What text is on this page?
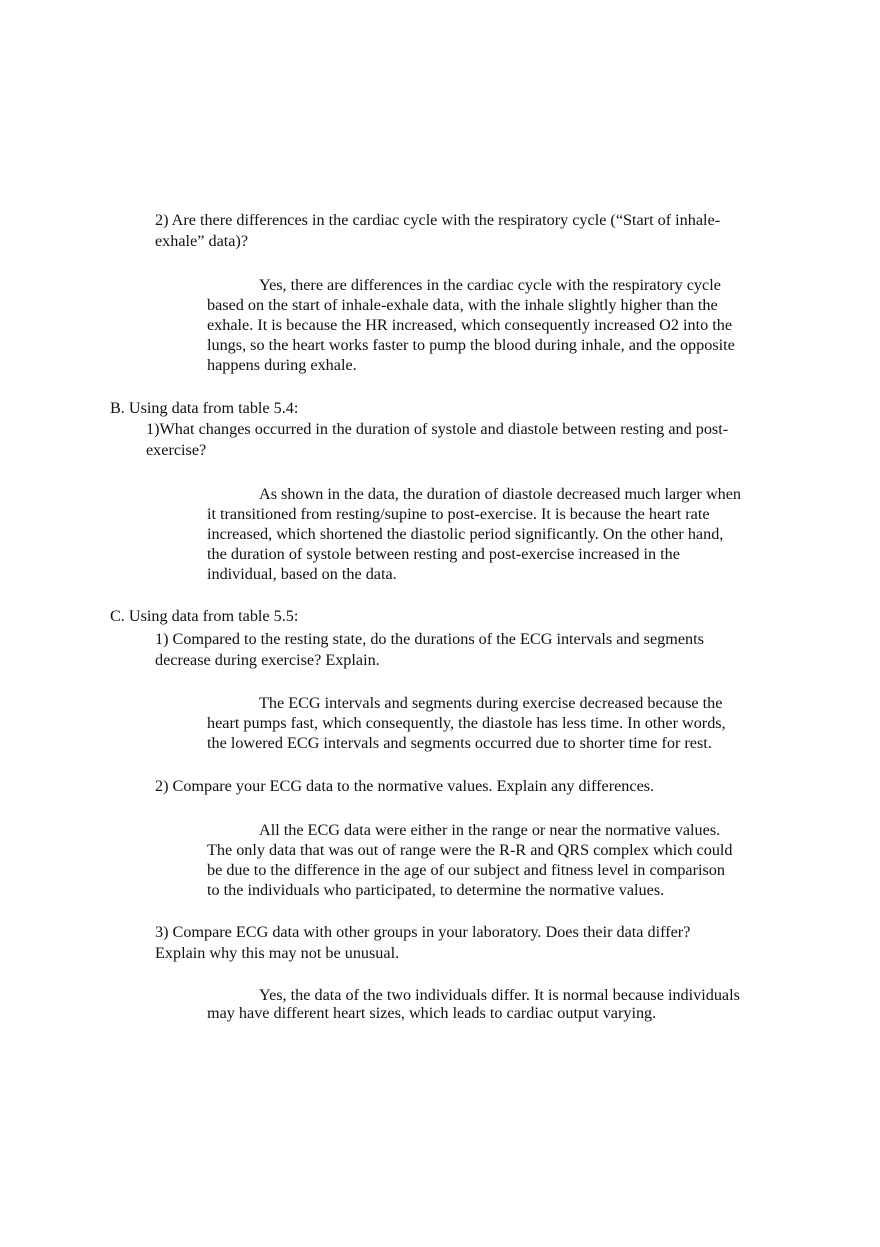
2) Are there differences in the cardiac cycle with the respiratory cycle (“Start of inhale-
exhale” data)?
Yes, there are differences in the cardiac cycle with the respiratory cycle
based on the start of inhale-exhale data, with the inhale slightly higher than the
exhale. It is because the HR increased, which consequently increased O2 into the
lungs, so the heart works faster to pump the blood during inhale, and the opposite
happens during exhale.
B. Using data from table 5.4:
1)What changes occurred in the duration of systole and diastole between resting and post-
exercise?
As shown in the data, the duration of diastole decreased much larger when
it transitioned from resting/supine to post-exercise. It is because the heart rate
increased, which shortened the diastolic period significantly. On the other hand,
the duration of systole between resting and post-exercise increased in the
individual, based on the data.
C. Using data from table 5.5:
1) Compared to the resting state, do the durations of the ECG intervals and segments
decrease during exercise? Explain.
The ECG intervals and segments during exercise decreased because the
heart pumps fast, which consequently, the diastole has less time. In other words,
the lowered ECG intervals and segments occurred due to shorter time for rest.
2) Compare your ECG data to the normative values. Explain any differences.
All the ECG data were either in the range or near the normative values.
The only data that was out of range were the R-R and QRS complex which could
be due to the difference in the age of our subject and fitness level in comparison
to the individuals who participated, to determine the normative values.
3) Compare ECG data with other groups in your laboratory. Does their data differ?
Explain why this may not be unusual.
Yes, the data of the two individuals differ. It is normal because individuals
may have different heart sizes, which leads to cardiac output varying.
